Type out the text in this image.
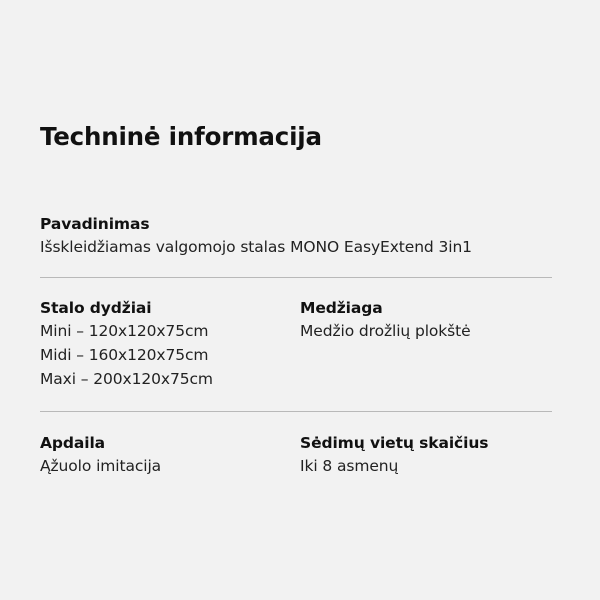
Techninė informacija

Pavadinimas

Išskleidžiamas valgomojo stalas MONO EasyExtend 3in1

Stalo dydžiai

Mini – 120x120x75cm

Midi – 160x120x75cm

Maxi – 200x120x75cm

Medžiaga

Medžio drožlių plokštė

Apdaila

Ąžuolo imitacija

Sėdimų vietų skaičius

Iki 8 asmenų
